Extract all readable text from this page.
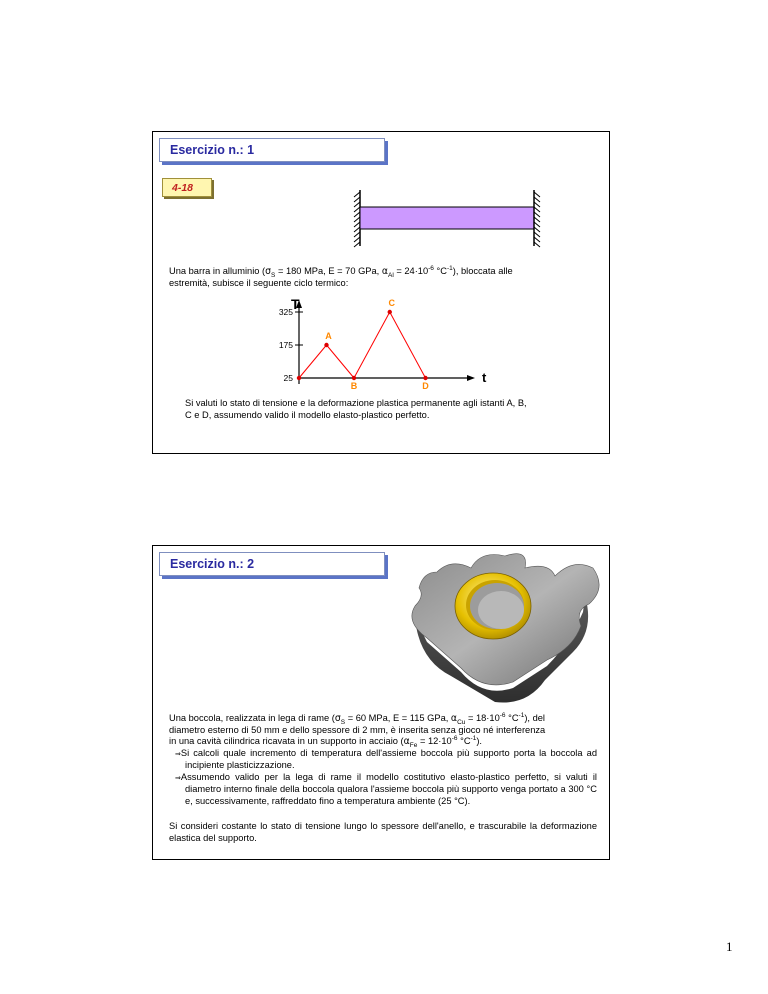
Esercizio n.: 1
4-18
Una barra in alluminio ($\sigma_S = 180$ MPa, E = 70 GPa, $\alpha_{Al} = 24\cdot 10^{-6}$ $^\circ C^{-1}$), bloccata alle
estremità, subisce il seguente ciclo termico:
T
t
325
175
25
A
B
C
D
Si valuti lo stato di tensione e la deformazione plastica permanente agli istanti A, B,
C e D, assumendo valido il modello elasto-plastico perfetto.
Esercizio n.: 2
Una boccola, realizzata in lega di rame ($\sigma_S = 60$ MPa, E = 115 GPa, $\alpha_{Cu} = 18\cdot 10^{-6}$ $^\circ C^{-1}$), del
diametro esterno di 50 mm e dello spessore di 2 mm, è inserita senza gioco né interferenza
in una cavità cilindrica ricavata in un supporto in acciaio ($\alpha_{Fe} = 12\cdot 10^{-6}$ $^\circ C^{-1}$).
⇒Si calcoli quale incremento di temperatura dell'assieme boccola più supporto porta la boccola ad incipiente plasticizzazione.
⇒Assumendo valido per la lega di rame il modello costitutivo elasto-plastico perfetto, si valuti il diametro interno finale della boccola qualora l'assieme boccola più supporto venga portato a 300 °C e, successivamente, raffreddato fino a temperatura ambiente (25 °C).
Si consideri costante lo stato di tensione lungo lo spessore dell'anello, e trascurabile la deformazione elastica del supporto.
1
